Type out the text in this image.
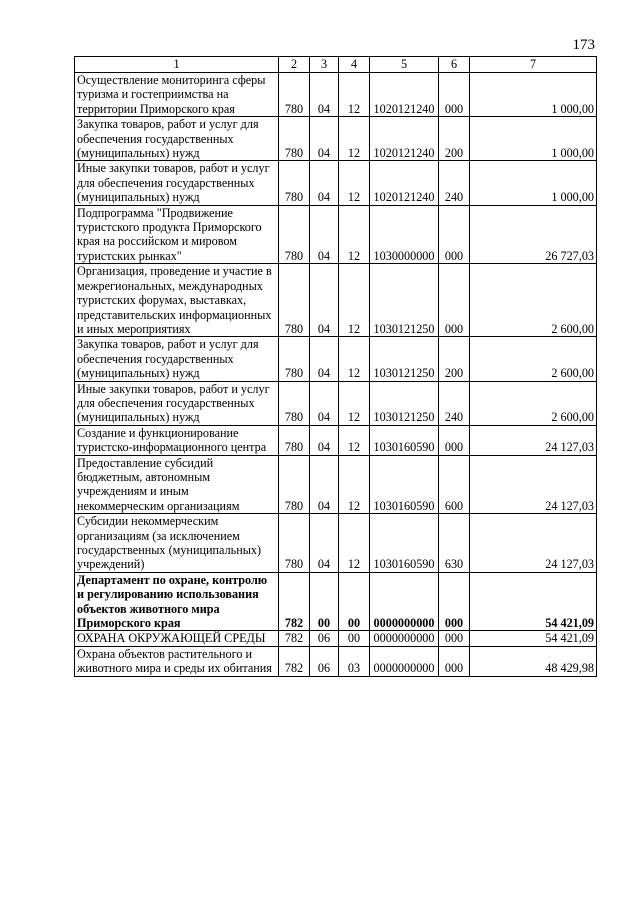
173
1	2	3	4	5	6	7
Осуществление мониторинга сферы туризма и гостеприимства на территории Приморского края	780	04	12	1020121240	000	1 000,00
Закупка товаров, работ и услуг для обеспечения государственных (муниципальных) нужд	780	04	12	1020121240	200	1 000,00
Иные закупки товаров, работ и услуг для обеспечения государственных (муниципальных) нужд	780	04	12	1020121240	240	1 000,00
Подпрограмма "Продвижение туристского продукта Приморского края на российском и мировом туристских рынках"	780	04	12	1030000000	000	26 727,03
Организация, проведение и участие в межрегиональных, международных туристских форумах, выставках, представительских информационных и иных мероприятиях	780	04	12	1030121250	000	2 600,00
Закупка товаров, работ и услуг для обеспечения государственных (муниципальных) нужд	780	04	12	1030121250	200	2 600,00
Иные закупки товаров, работ и услуг для обеспечения государственных (муниципальных) нужд	780	04	12	1030121250	240	2 600,00
Создание и функционирование туристско-информационного центра	780	04	12	1030160590	000	24 127,03
Предоставление субсидий бюджетным, автономным учреждениям и иным некоммерческим организациям	780	04	12	1030160590	600	24 127,03
Субсидии некоммерческим организациям (за исключением государственных (муниципальных) учреждений)	780	04	12	1030160590	630	24 127,03
Департамент по охране, контролю и регулированию использования объектов животного мира Приморского края	782	00	00	0000000000	000	54 421,09
ОХРАНА ОКРУЖАЮЩЕЙ СРЕДЫ	782	06	00	0000000000	000	54 421,09
Охрана объектов растительного и животного мира и среды их обитания	782	06	03	0000000000	000	48 429,98
